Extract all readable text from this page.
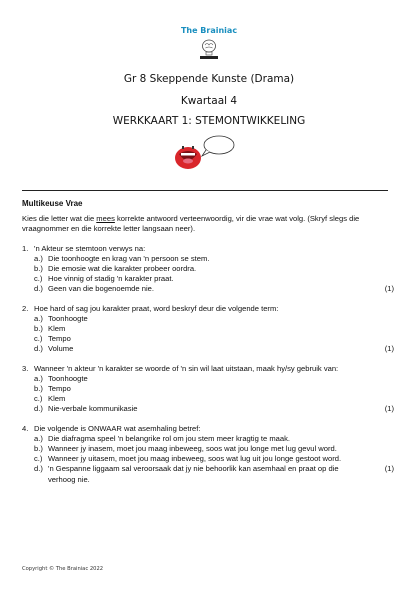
The Brainiac
Gr 8 Skeppende Kunste (Drama)
Kwartaal 4
WERKKAART 1: STEMONTWIKKELING
Multikeuse Vrae
Kies die letter wat die mees korrekte antwoord verteenwoordig, vir die vrae wat volg. (Skryf slegs die vraagnommer en die korrekte letter langsaan neer).
1. 'n Akteur se stemtoon verwys na:
a.) Die toonhoogte en krag van 'n persoon se stem.
b.) Die emosie wat die karakter probeer oordra.
c.) Hoe vinnig of stadig 'n karakter praat.
d.) Geen van die bogenoemde nie.	(1)
2. Hoe hard of sag jou karakter praat, word beskryf deur die volgende term:
a.) Toonhoogte
b.) Klem
c.) Tempo
d.) Volume	(1)
3. Wanneer 'n akteur 'n karakter se woorde of 'n sin wil laat uitstaan, maak hy/sy gebruik van:
a.) Toonhoogte
b.) Tempo
c.) Klem
d.) Nie-verbale kommunikasie	(1)
4. Die volgende is ONWAAR wat asemhaling betref:
a.) Die diafragma speel 'n belangrike rol om jou stem meer kragtig te maak.
b.) Wanneer jy inasem, moet jou maag inbeweeg, soos wat jou longe met lug gevul word.
c.) Wanneer jy uitasem, moet jou maag inbeweeg, soos wat lug uit jou longe gestoot word.
d.) 'n Gespanne liggaam sal veroorsaak dat jy nie behoorlik kan asemhaal en praat op die verhoog nie.
(1)
Copyright © The Brainiac 2022
